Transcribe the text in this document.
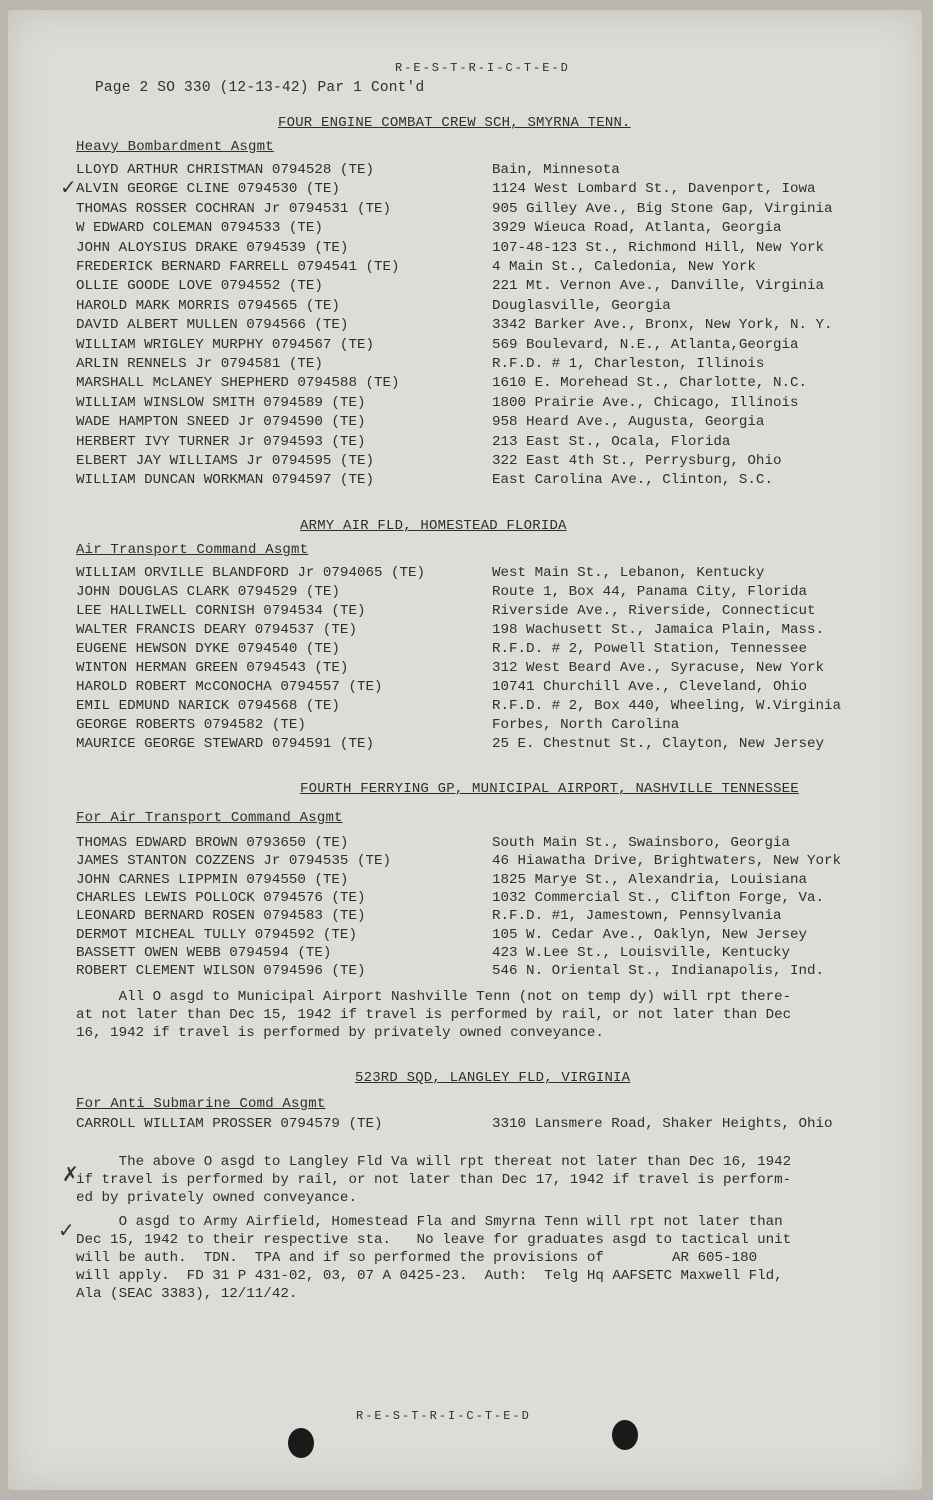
R-E-S-T-R-I-C-T-E-D
Page 2 SO 330 (12-13-42) Par 1 Cont'd
FOUR ENGINE COMBAT CREW SCH, SMYRNA TENN.
Heavy Bombardment Asgmt
LLOYD ARTHUR CHRISTMAN 0794528 (TE)	Bain, Minnesota
ALVIN GEORGE CLINE 0794530 (TE)	1124 West Lombard St., Davenport, Iowa
THOMAS ROSSER COCHRAN Jr 0794531 (TE)	905 Gilley Ave., Big Stone Gap, Virginia
W EDWARD COLEMAN 0794533 (TE)	3929 Wieuca Road, Atlanta, Georgia
JOHN ALOYSIUS DRAKE 0794539 (TE)	107-48-123 St., Richmond Hill, New York
FREDERICK BERNARD FARRELL 0794541 (TE)	4 Main St., Caledonia, New York
OLLIE GOODE LOVE 0794552 (TE)	221 Mt. Vernon Ave., Danville, Virginia
HAROLD MARK MORRIS 0794565 (TE)	Douglasville, Georgia
DAVID ALBERT MULLEN 0794566 (TE)	3342 Barker Ave., Bronx, New York, N. Y.
WILLIAM WRIGLEY MURPHY 0794567 (TE)	569 Boulevard, N.E., Atlanta,Georgia
ARLIN RENNELS Jr 0794581 (TE)	R.F.D. # 1, Charleston, Illinois
MARSHALL McLANEY SHEPHERD 0794588 (TE)	1610 E. Morehead St., Charlotte, N.C.
WILLIAM WINSLOW SMITH 0794589 (TE)	1800 Prairie Ave., Chicago, Illinois
WADE HAMPTON SNEED Jr 0794590 (TE)	958 Heard Ave., Augusta, Georgia
HERBERT IVY TURNER Jr 0794593 (TE)	213 East St., Ocala, Florida
ELBERT JAY WILLIAMS Jr 0794595 (TE)	322 East 4th St., Perrysburg, Ohio
WILLIAM DUNCAN WORKMAN 0794597 (TE)	East Carolina Ave., Clinton, S.C.
ARMY AIR FLD, HOMESTEAD FLORIDA
Air Transport Command Asgmt
WILLIAM ORVILLE BLANDFORD Jr 0794065 (TE)	West Main St., Lebanon, Kentucky
JOHN DOUGLAS CLARK 0794529 (TE)	Route 1, Box 44, Panama City, Florida
LEE HALLIWELL CORNISH 0794534 (TE)	Riverside Ave., Riverside, Connecticut
WALTER FRANCIS DEARY 0794537 (TE)	198 Wachusett St., Jamaica Plain, Mass.
EUGENE HEWSON DYKE 0794540 (TE)	R.F.D. # 2, Powell Station, Tennessee
WINTON HERMAN GREEN 0794543 (TE)	312 West Beard Ave., Syracuse, New York
HAROLD ROBERT McCONOCHA 0794557 (TE)	10741 Churchill Ave., Cleveland, Ohio
EMIL EDMUND NARICK 0794568 (TE)	R.F.D. # 2, Box 440, Wheeling, W.Virginia
GEORGE ROBERTS 0794582 (TE)	Forbes, North Carolina
MAURICE GEORGE STEWARD 0794591 (TE)	25 E. Chestnut St., Clayton, New Jersey
FOURTH FERRYING GP, MUNICIPAL AIRPORT, NASHVILLE TENNESSEE
For Air Transport Command Asgmt
THOMAS EDWARD BROWN 0793650 (TE)	South Main St., Swainsboro, Georgia
JAMES STANTON COZZENS Jr 0794535 (TE)	46 Hiawatha Drive, Brightwaters, New York
JOHN CARNES LIPPMIN 0794550 (TE)	1825 Marye St., Alexandria, Louisiana
CHARLES LEWIS POLLOCK 0794576 (TE)	1032 Commercial St., Clifton Forge, Va.
LEONARD BERNARD ROSEN 0794583 (TE)	R.F.D. #1, Jamestown, Pennsylvania
DERMOT MICHEAL TULLY 0794592 (TE)	105 W. Cedar Ave., Oaklyn, New Jersey
BASSETT OWEN WEBB 0794594 (TE)	423 W.Lee St., Louisville, Kentucky
ROBERT CLEMENT WILSON 0794596 (TE)	546 N. Oriental St., Indianapolis, Ind.
All O asgd to Municipal Airport Nashville Tenn (not on temp dy) will rpt there-
at not later than Dec 15, 1942 if travel is performed by rail, or not later than Dec
16, 1942 if travel is performed by privately owned conveyance.
523RD SQD, LANGLEY FLD, VIRGINIA
For Anti Submarine Comd Asgmt
CARROLL WILLIAM PROSSER 0794579 (TE)	3310 Lansmere Road, Shaker Heights, Ohio
The above O asgd to Langley Fld Va will rpt thereat not later than Dec 16, 1942
if travel is performed by rail, or not later than Dec 17, 1942 if travel is perform-
ed by privately owned conveyance.
O asgd to Army Airfield, Homestead Fla and Smyrna Tenn will rpt not later than
Dec 15, 1942 to their respective sta.   No leave for graduates asgd to tactical unit
will be auth.  TDN.  TPA and if so performed the provisions of        AR 605-180
will apply.  FD 31 P 431-02, 03, 07 A 0425-23.  Auth:  Telg Hq AAFSETC Maxwell Fld,
Ala (SEAC 3383), 12/11/42.
R-E-S-T-R-I-C-T-E-D
✓
✗
✓
